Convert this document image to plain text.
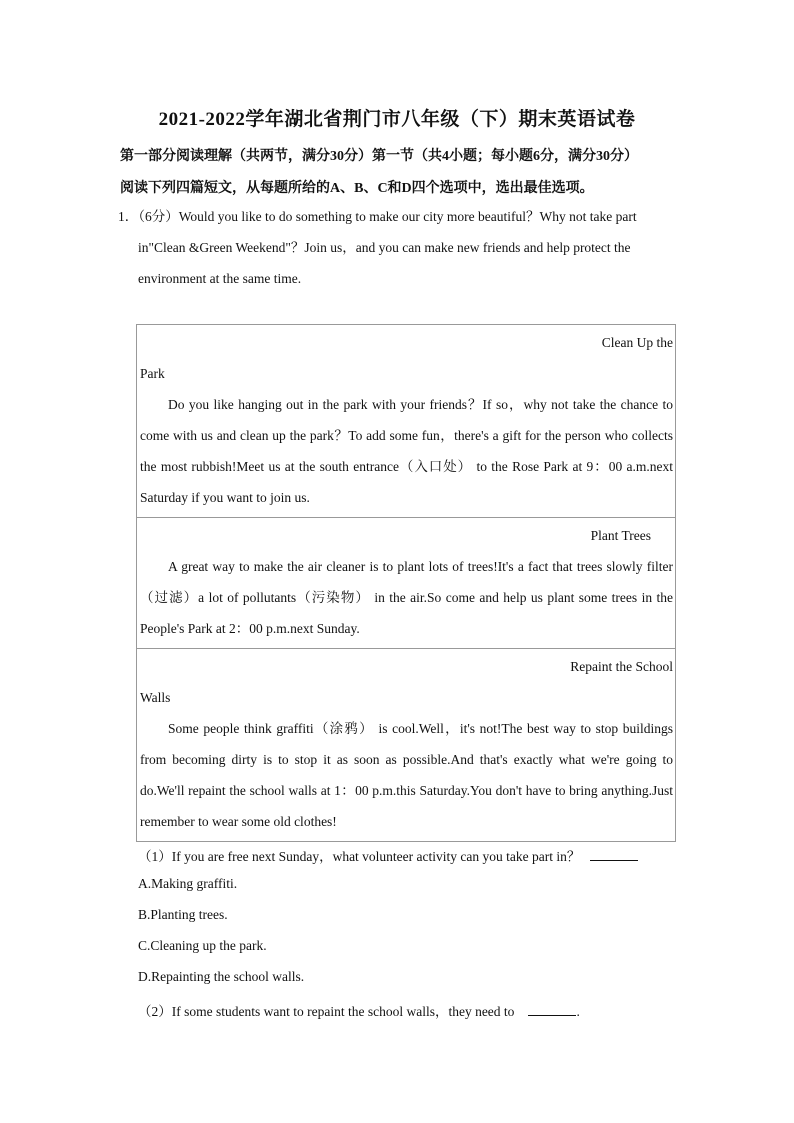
2021-2022学年湖北省荆门市八年级（下）期末英语试卷
第一部分阅读理解（共两节，满分30分）第一节（共4小题；每小题6分，满分30分）
阅读下列四篇短文，从每题所给的A、B、C和D四个选项中，选出最佳选项。
1．（6分）Would you like to do something to make our city more beautiful？Why not take part
in"Clean &Green Weekend"？Join us，and you can make new friends and help protect the
environment at the same time.
Clean Up the
Park
Do you like hanging out in the park with your friends？If so，why not take the chance to come with us and clean up the park？To add some fun，there's a gift for the person who collects the most rubbish!Meet us at the south entrance（入口处） to the Rose Park at 9：00 a.m.next Saturday if you want to join us.
Plant Trees
A great way to make the air cleaner is to plant lots of trees!It's a fact that trees slowly filter （过滤）a lot of pollutants（污染物） in the air.So come and help us plant some trees in the People's Park at 2：00 p.m.next Sunday.
Repaint the School
Walls
Some people think graffiti（涂鸦） is cool.Well，it's not!The best way to stop buildings from becoming dirty is to stop it as soon as possible.And that's exactly what we're going to do.We'll repaint the school walls at 1：00 p.m.this Saturday.You don't have to bring anything.Just remember to wear some old clothes!
（1）If you are free next Sunday，what volunteer activity can you take part in？
A.Making graffiti.
B.Planting trees.
C.Cleaning up the park.
D.Repainting the school walls.
（2）If some students want to repaint the school walls，they need to	.
